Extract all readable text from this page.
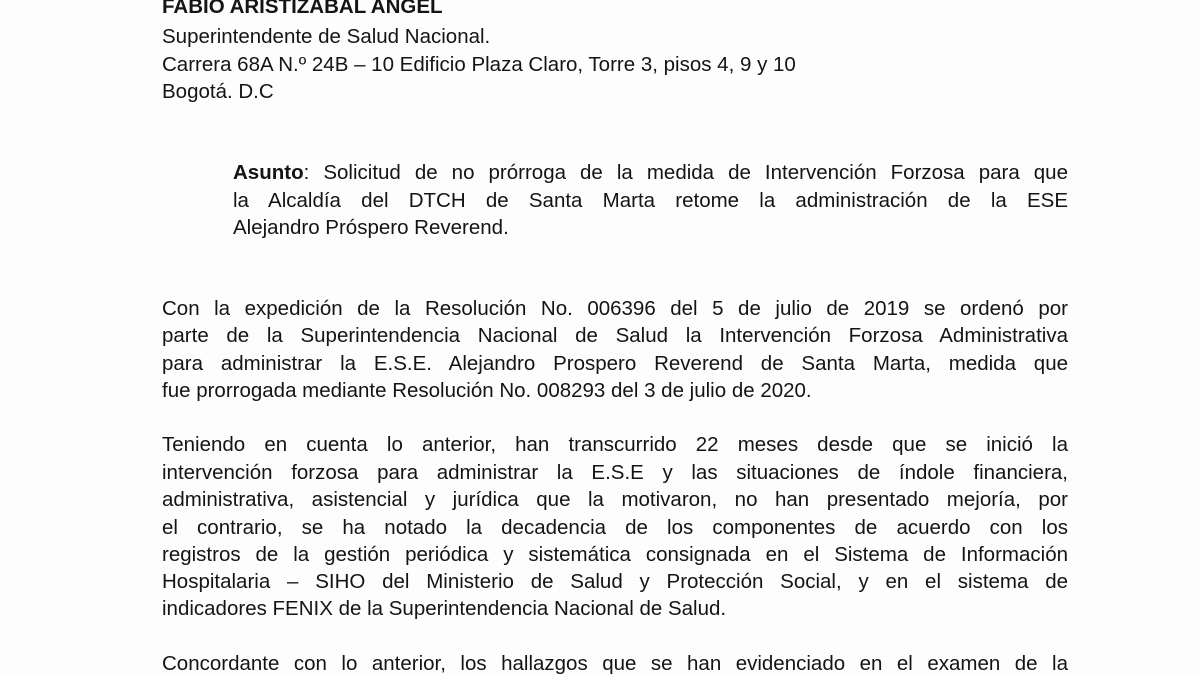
FABIO ARISTIZABAL ANGEL
Superintendente de Salud Nacional.
Carrera 68A N.º 24B – 10 Edificio Plaza Claro, Torre 3, pisos 4, 9 y 10
Bogotá. D.C
Asunto: Solicitud de no prórroga de la medida de Intervención Forzosa para que
la Alcaldía del DTCH de Santa Marta retome la administración de la ESE
Alejandro Próspero Reverend.
Con la expedición de la Resolución No. 006396 del 5 de julio de 2019 se ordenó por
parte de la Superintendencia Nacional de Salud la Intervención Forzosa Administrativa
para administrar la E.S.E. Alejandro Prospero Reverend de Santa Marta, medida que
fue prorrogada mediante Resolución No. 008293 del 3 de julio de 2020.
Teniendo en cuenta lo anterior, han transcurrido 22 meses desde que se inició la
intervención forzosa para administrar la E.S.E y las situaciones de índole financiera,
administrativa, asistencial y jurídica que la motivaron, no han presentado mejoría, por
el contrario, se ha notado la decadencia de los componentes de acuerdo con los
registros de la gestión periódica y sistemática consignada en el Sistema de Información
Hospitalaria – SIHO del Ministerio de Salud y Protección Social, y en el sistema de
indicadores FENIX de la Superintendencia Nacional de Salud.
Concordante con lo anterior, los hallazgos que se han evidenciado en el examen de la
